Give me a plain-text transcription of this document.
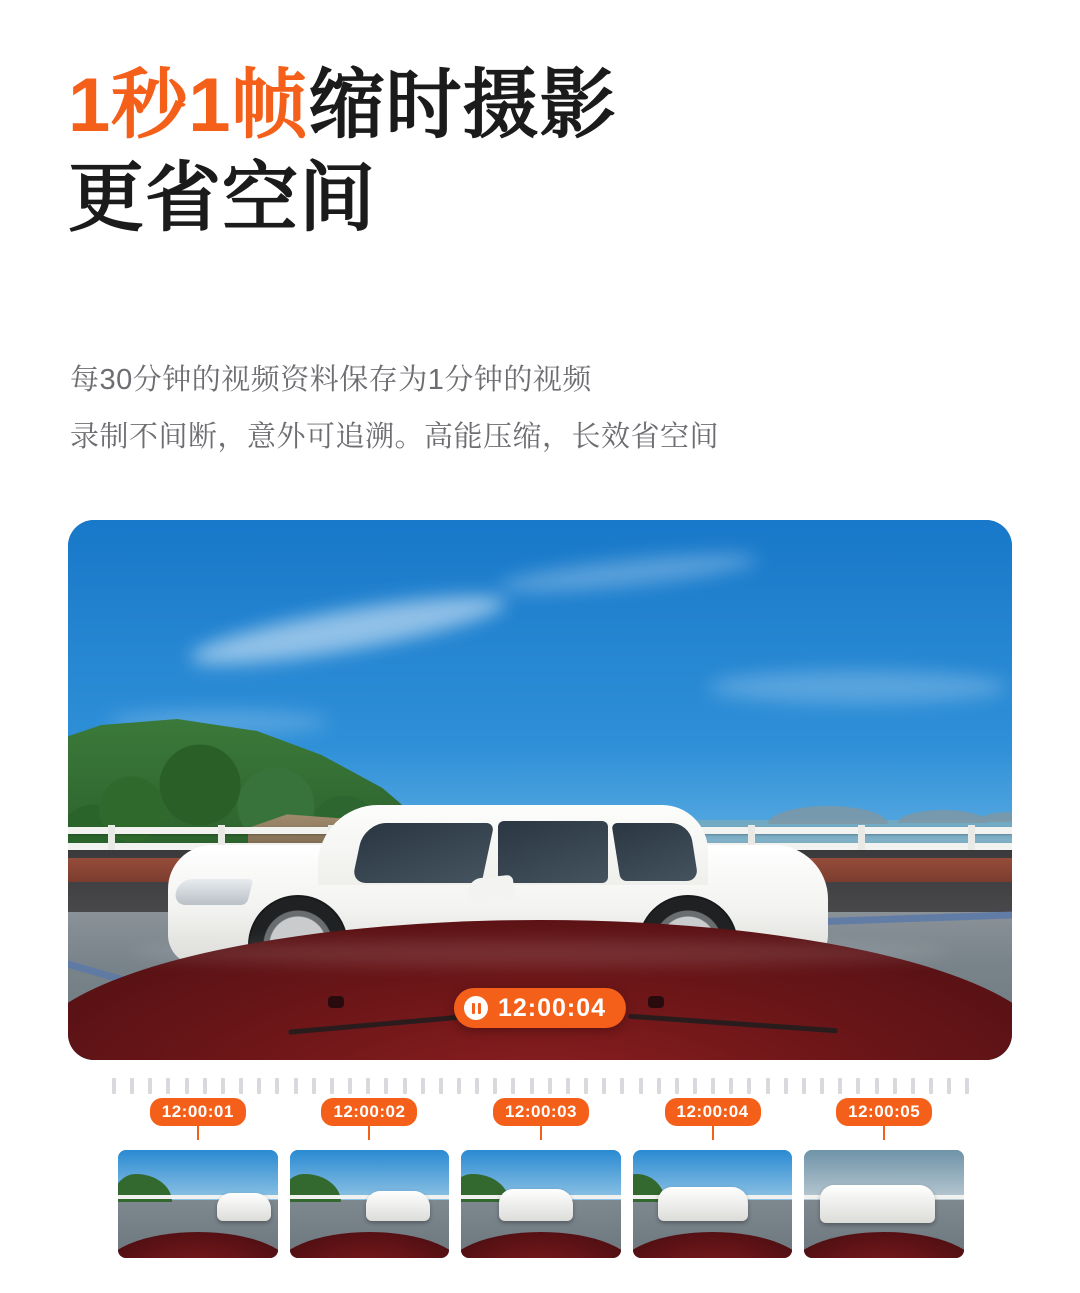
1秒1帧缩时摄影
更省空间
每30分钟的视频资料保存为1分钟的视频
录制不间断，意外可追溯。高能压缩，长效省空间
12:00:04
12:00:01	12:00:02	12:00:03	12:00:04	12:00:05
